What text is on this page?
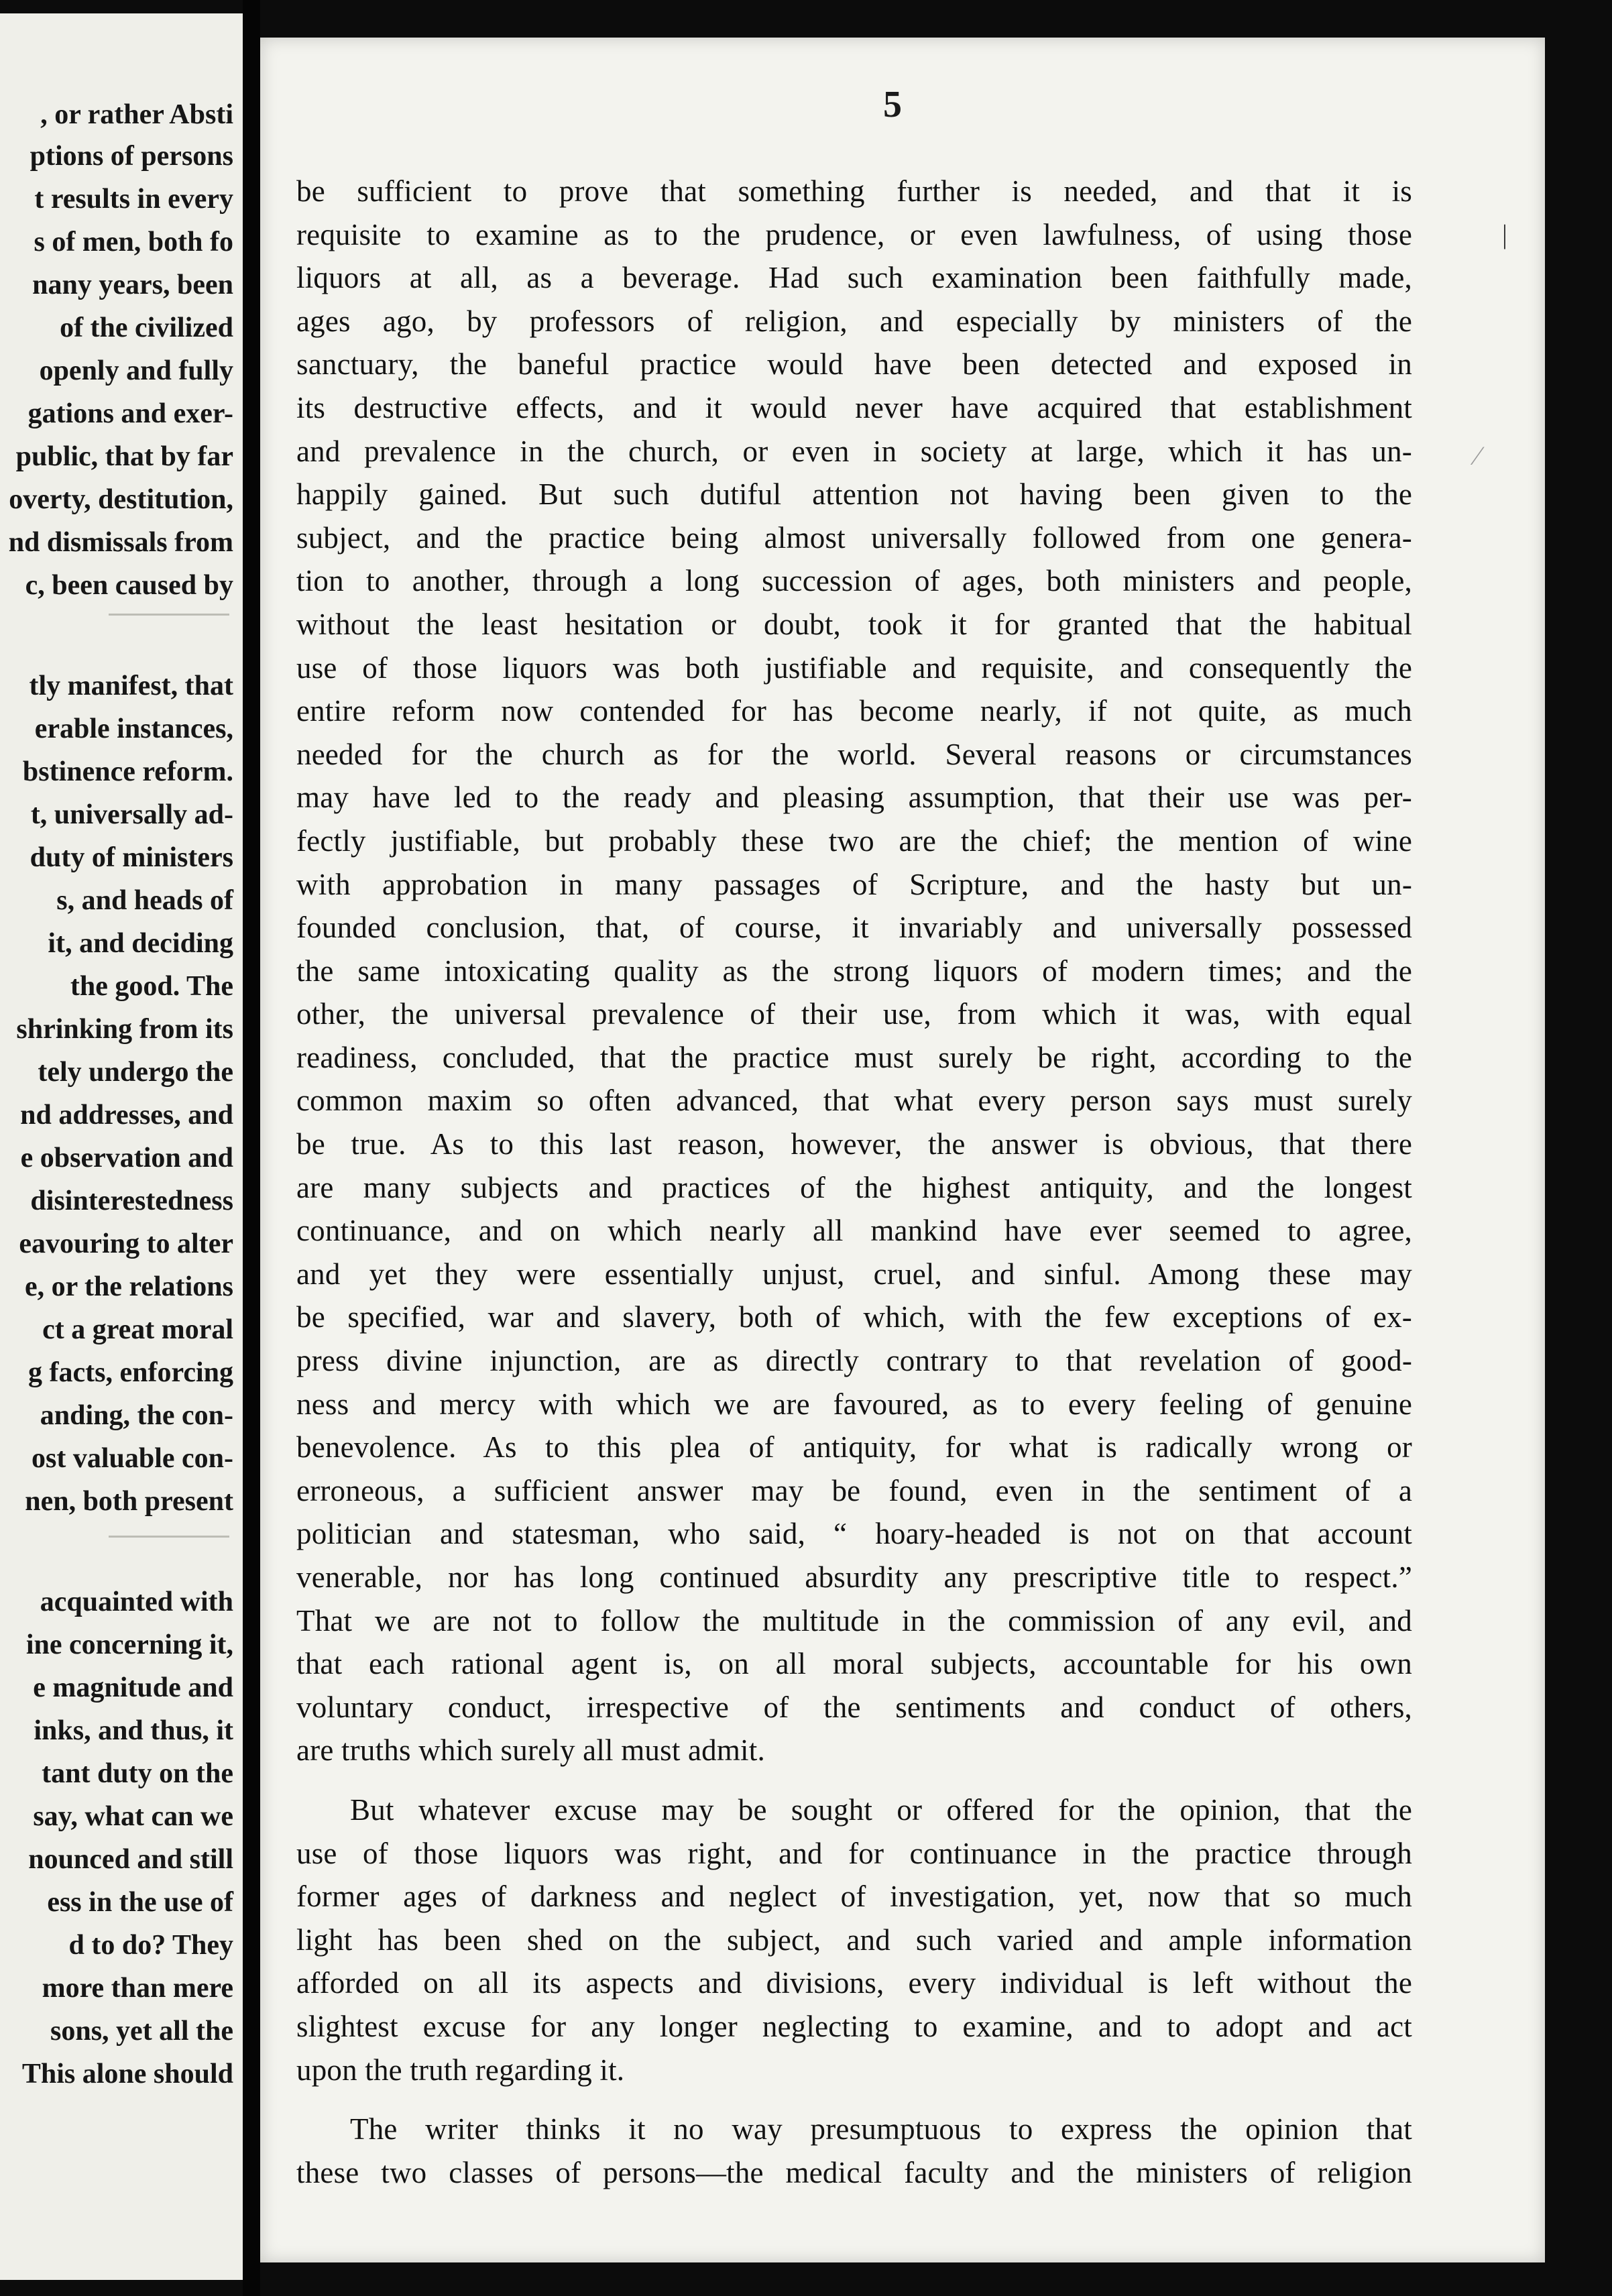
, or rather Absti
ptions of persons
t results in every
s of men, both fo
nany years, been
of the civilized
openly and fully
gations and exer-
public, that by far
overty, destitution,
nd dismissals from
c, been caused by
tly manifest, that
erable instances,
bstinence reform.
t, universally ad-
duty of ministers
s, and heads of
it, and deciding
the good. The
shrinking from its
tely undergo the
nd addresses, and
e observation and
disinterestedness
eavouring to alter
e, or the relations
ct a great moral
g facts, enforcing
anding, the con-
ost valuable con-
nen, both present
acquainted with
ine concerning it,
e magnitude and
inks, and thus, it
tant duty on the
say, what can we
nounced and still
ess in the use of
d to do? They
more than mere
sons, yet all the
This alone should
5
|
⁄
be sufficient to prove that something further is needed, and that it is
requisite to examine as to the prudence, or even lawfulness, of using those
liquors at all, as a beverage. Had such examination been faithfully made,
ages ago, by professors of religion, and especially by ministers of the
sanctuary, the baneful practice would have been detected and exposed in
its destructive effects, and it would never have acquired that establishment
and prevalence in the church, or even in society at large, which it has un-
happily gained. But such dutiful attention not having been given to the
subject, and the practice being almost universally followed from one genera-
tion to another, through a long succession of ages, both ministers and people,
without the least hesitation or doubt, took it for granted that the habitual
use of those liquors was both justifiable and requisite, and consequently the
entire reform now contended for has become nearly, if not quite, as much
needed for the church as for the world. Several reasons or circumstances
may have led to the ready and pleasing assumption, that their use was per-
fectly justifiable, but probably these two are the chief; the mention of wine
with approbation in many passages of Scripture, and the hasty but un-
founded conclusion, that, of course, it invariably and universally possessed
the same intoxicating quality as the strong liquors of modern times; and the
other, the universal prevalence of their use, from which it was, with equal
readiness, concluded, that the practice must surely be right, according to the
common maxim so often advanced, that what every person says must surely
be true. As to this last reason, however, the answer is obvious, that there
are many subjects and practices of the highest antiquity, and the longest
continuance, and on which nearly all mankind have ever seemed to agree,
and yet they were essentially unjust, cruel, and sinful. Among these may
be specified, war and slavery, both of which, with the few exceptions of ex-
press divine injunction, are as directly contrary to that revelation of good-
ness and mercy with which we are favoured, as to every feeling of genuine
benevolence. As to this plea of antiquity, for what is radically wrong or
erroneous, a sufficient answer may be found, even in the sentiment of a
politician and statesman, who said, “ hoary-headed is not on that account
venerable, nor has long continued absurdity any prescriptive title to respect.”
That we are not to follow the multitude in the commission of any evil, and
that each rational agent is, on all moral subjects, accountable for his own
voluntary conduct, irrespective of the sentiments and conduct of others,
are truths which surely all must admit.
But whatever excuse may be sought or offered for the opinion, that the
use of those liquors was right, and for continuance in the practice through
former ages of darkness and neglect of investigation, yet, now that so much
light has been shed on the subject, and such varied and ample information
afforded on all its aspects and divisions, every individual is left without the
slightest excuse for any longer neglecting to examine, and to adopt and act
upon the truth regarding it.
The writer thinks it no way presumptuous to express the opinion that
these two classes of persons—the medical faculty and the ministers of religion
